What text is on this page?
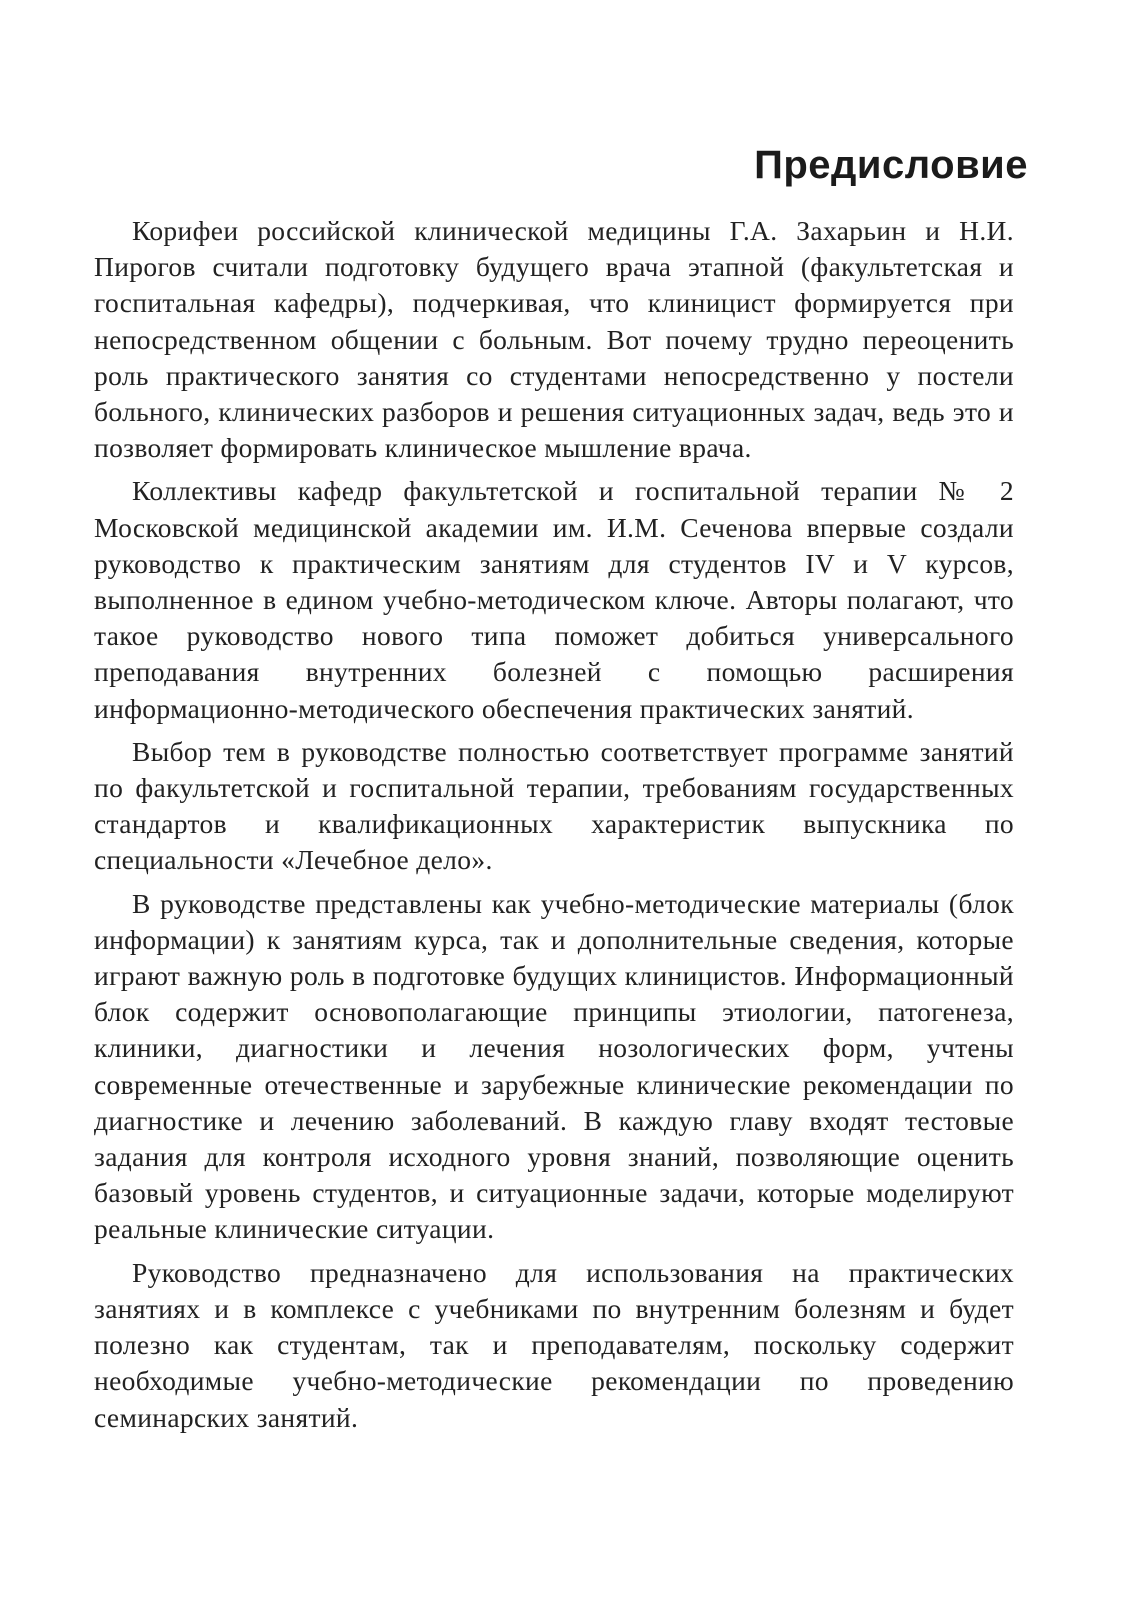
Предисловие

Корифеи российской клинической медицины Г.А. Захарьин и Н.И. Пирогов считали подготовку будущего врача этапной (факультетская и госпитальная кафедры), подчеркивая, что клиницист формируется при непосредственном общении с больным. Вот почему трудно переоценить роль практического занятия со студентами непосредственно у постели больного, клинических разборов и решения ситуационных задач, ведь это и позволяет формировать клиническое мышление врача.

Коллективы кафедр факультетской и госпитальной терапии № 2 Московской медицинской академии им. И.М. Сеченова впервые создали руководство к практическим занятиям для студентов IV и V курсов, выполненное в едином учебно-методическом ключе. Авторы полагают, что такое руководство нового типа поможет добиться универсального преподавания внутренних болезней с помощью расширения информационно-методического обеспечения практических занятий.

Выбор тем в руководстве полностью соответствует программе занятий по факультетской и госпитальной терапии, требованиям государственных стандартов и квалификационных характеристик выпускника по специальности «Лечебное дело».

В руководстве представлены как учебно-методические материалы (блок информации) к занятиям курса, так и дополнительные сведения, которые играют важную роль в подготовке будущих клиницистов. Информационный блок содержит основополагающие принципы этиологии, патогенеза, клиники, диагностики и лечения нозологических форм, учтены современные отечественные и зарубежные клинические рекомендации по диагностике и лечению заболеваний. В каждую главу входят тестовые задания для контроля исходного уровня знаний, позволяющие оценить базовый уровень студентов, и ситуационные задачи, которые моделируют реальные клинические ситуации.

Руководство предназначено для использования на практических занятиях и в комплексе с учебниками по внутренним болезням и будет полезно как студентам, так и преподавателям, поскольку содержит необходимые учебно-методические рекомендации по проведению семинарских занятий.
